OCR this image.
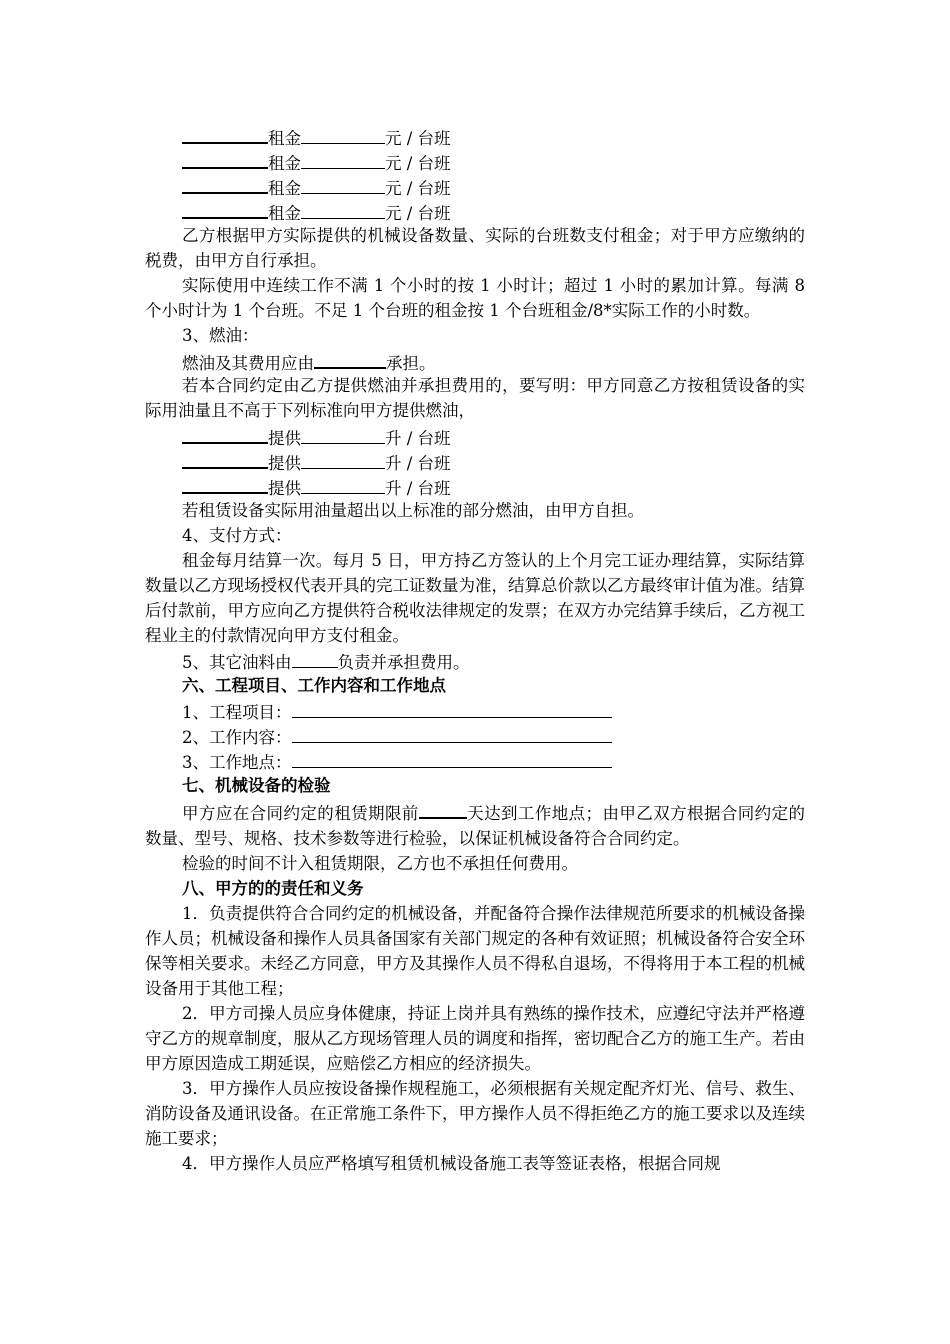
租金	元 / 台班
租金	元 / 台班
租金	元 / 台班
租金	元 / 台班

乙方根据甲方实际提供的机械设备数量、实际的台班数支付租金；对于甲方应缴纳的税费，由甲方自行承担。

实际使用中连续工作不满 1 个小时的按 1 小时计；超过 1 小时的累加计算。每满 8 个小时计为 1 个台班。不足 1 个台班的租金按 1 个台班租金/8*实际工作的小时数。

3、燃油：
燃油及其费用应由	承担。

若本合同约定由乙方提供燃油并承担费用的，要写明：甲方同意乙方按租赁设备的实际用油量且不高于下列标准向甲方提供燃油，

提供	升 / 台班
提供	升 / 台班
提供	升 / 台班
若租赁设备实际用油量超出以上标准的部分燃油，由甲方自担。
4、支付方式：

租金每月结算一次。每月 5 日，甲方持乙方签认的上个月完工证办理结算，实际结算数量以乙方现场授权代表开具的完工证数量为准，结算总价款以乙方最终审计值为准。结算后付款前，甲方应向乙方提供符合税收法律规定的发票；在双方办完结算手续后，乙方视工程业主的付款情况向甲方支付租金。

5、其它油料由	负责并承担费用。
六、工程项目、工作内容和工作地点
1、工程项目：
2、工作内容：
3、工作地点：
七、机械设备的检验

甲方应在合同约定的租赁期限前	天达到工作地点；由甲乙双方根据合同约定的数量、型号、规格、技术参数等进行检验，以保证机械设备符合合同约定。

检验的时间不计入租赁期限，乙方也不承担任何费用。

八、甲方的的责任和义务

1．负责提供符合合同约定的机械设备，并配备符合操作法律规范所要求的机械设备操作人员；机械设备和操作人员具备国家有关部门规定的各种有效证照；机械设备符合安全环保等相关要求。未经乙方同意，甲方及其操作人员不得私自退场，不得将用于本工程的机械设备用于其他工程；

2．甲方司操人员应身体健康，持证上岗并具有熟练的操作技术，应遵纪守法并严格遵守乙方的规章制度，服从乙方现场管理人员的调度和指挥，密切配合乙方的施工生产。若由甲方原因造成工期延误，应赔偿乙方相应的经济损失。

3．甲方操作人员应按设备操作规程施工，必须根据有关规定配齐灯光、信号、救生、消防设备及通讯设备。在正常施工条件下，甲方操作人员不得拒绝乙方的施工要求以及连续施工要求；

4．甲方操作人员应严格填写租赁机械设备施工表等签证表格，根据合同规
